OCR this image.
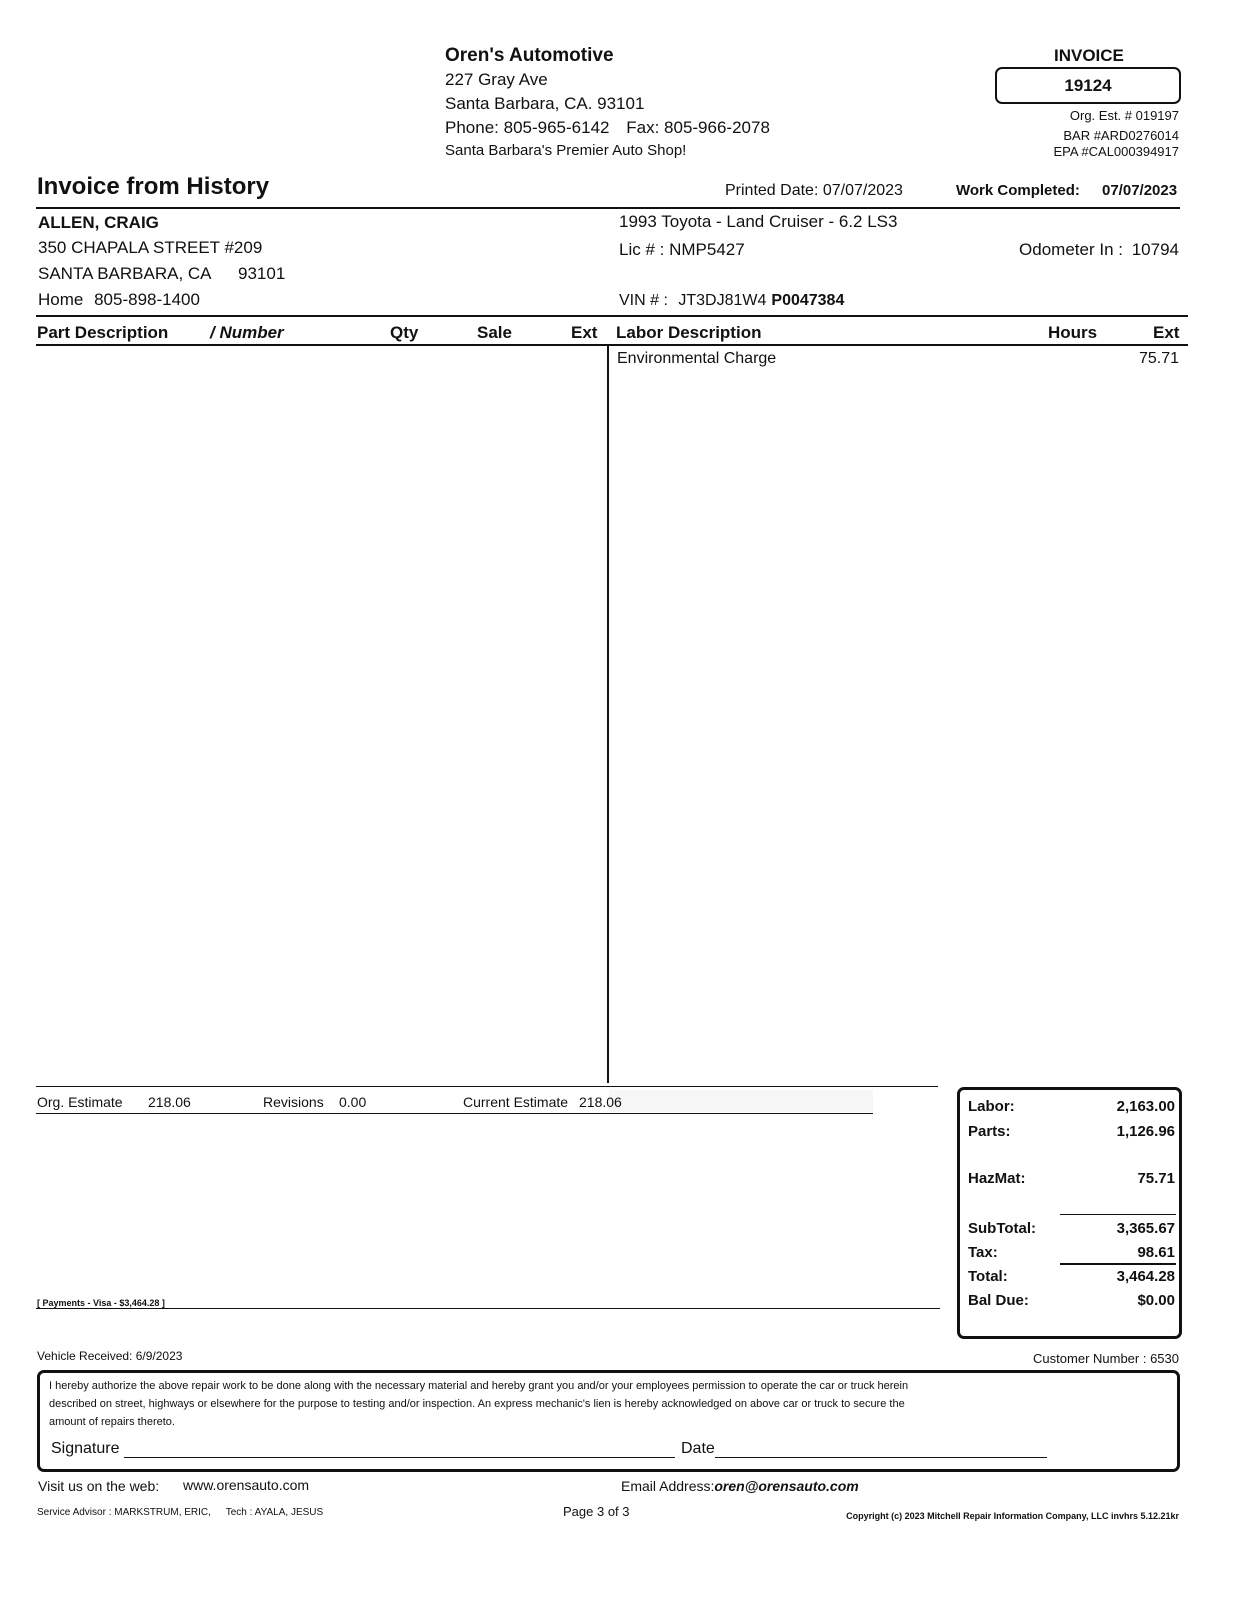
Oren's Automotive
227 Gray Ave
Santa Barbara, CA. 93101
Phone: 805-965-6142 Fax: 805-966-2078
Santa Barbara's Premier Auto Shop!
INVOICE
19124
Org. Est. # 019197
BAR #ARD0276014
EPA #CAL000394917
Invoice from History	Printed Date: 07/07/2023	Work Completed: 07/07/2023
ALLEN, CRAIG
350 CHAPALA STREET #209
SANTA BARBARA, CA 93101
Home 805-898-1400
1993 Toyota - Land Cruiser - 6.2 LS3
Lic # : NMP5427	Odometer In : 10794
VIN # : JT3DJ81W4 P0047384
Part Description / Number	Qty	Sale	Ext Labor Description	Hours	Ext
Environmental Charge	75.71
Org. Estimate 218.06	Revisions 0.00	Current Estimate 218.06
[ Payments - Visa - $3,464.28 ]
Labor:	2,163.00
Parts:	1,126.96
HazMat:	75.71
SubTotal:	3,365.67
Tax:	98.61
Total:	3,464.28
Bal Due:	$0.00
Vehicle Received: 6/9/2023	Customer Number : 6530
I hereby authorize the above repair work to be done along with the necessary material and hereby grant you and/or your employees permission to operate the car or truck herein
described on street, highways or elsewhere for the purpose to testing and/or inspection. An express mechanic's lien is hereby acknowledged on above car or truck to secure the
amount of repairs thereto.
Signature	Date
Visit us on the web: www.orensauto.com	Email Address:oren@orensauto.com
Service Advisor : MARKSTRUM, ERIC, Tech : AYALA, JESUS	Page 3 of 3	Copyright (c) 2023 Mitchell Repair Information Company, LLC invhrs 5.12.21kr
